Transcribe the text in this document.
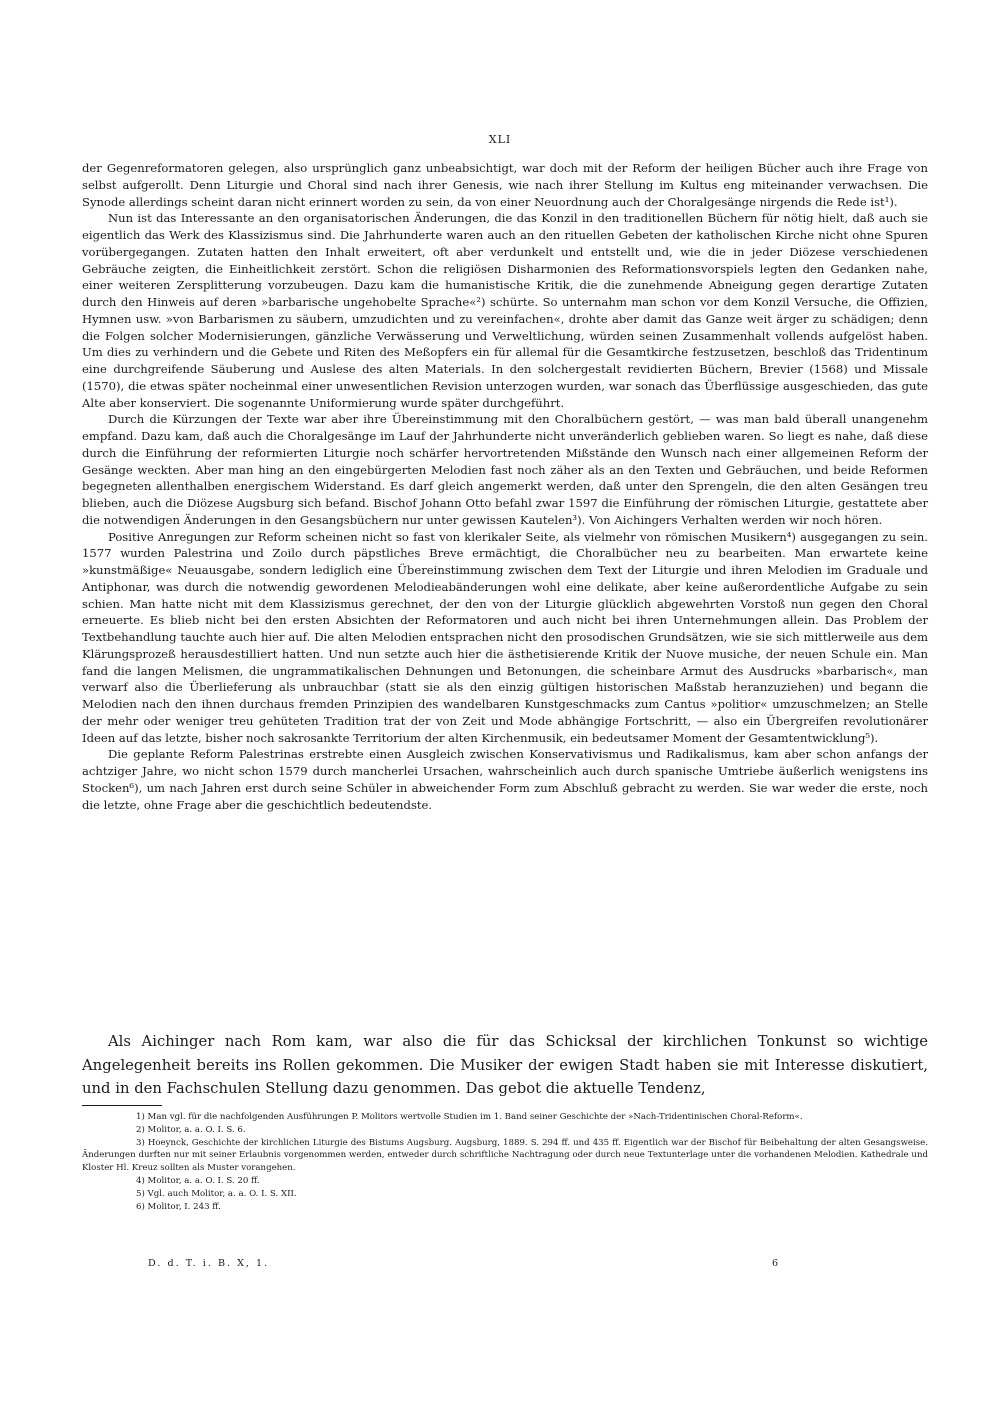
XLI

der Gegenreformatoren gelegen, also ursprünglich ganz unbeabsichtigt, war doch mit der Reform der heiligen Bücher auch ihre Frage von selbst aufgerollt. Denn Liturgie und Choral sind nach ihrer Genesis, wie nach ihrer Stellung im Kultus eng miteinander verwachsen. Die Synode allerdings scheint daran nicht erinnert worden zu sein, da von einer Neuordnung auch der Choralgesänge nirgends die Rede ist¹).

Nun ist das Interessante an den organisatorischen Änderungen, die das Konzil in den traditionellen Büchern für nötig hielt, daß auch sie eigentlich das Werk des Klassizismus sind. Die Jahrhunderte waren auch an den rituellen Gebeten der katholischen Kirche nicht ohne Spuren vorübergegangen. Zutaten hatten den Inhalt erweitert, oft aber verdunkelt und entstellt und, wie die in jeder Diözese verschiedenen Gebräuche zeigten, die Einheitlichkeit zerstört. Schon die religiösen Disharmonien des Reformationsvorspiels legten den Gedanken nahe, einer weiteren Zersplitterung vorzubeugen. Dazu kam die humanistische Kritik, die die zunehmende Abneigung gegen derartige Zutaten durch den Hinweis auf deren »barbarische ungehobelte Sprache«²) schürte. So unternahm man schon vor dem Konzil Versuche, die Offizien, Hymnen usw. »von Barbarismen zu säubern, umzudichten und zu vereinfachen«, drohte aber damit das Ganze weit ärger zu schädigen; denn die Folgen solcher Modernisierungen, gänzliche Verwässerung und Verweltlichung, würden seinen Zusammenhalt vollends aufgelöst haben. Um dies zu verhindern und die Gebete und Riten des Meßopfers ein für allemal für die Gesamtkirche festzusetzen, beschloß das Tridentinum eine durchgreifende Säuberung und Auslese des alten Materials. In den solchergestalt revidierten Büchern, Brevier (1568) und Missale (1570), die etwas später nocheinmal einer unwesentlichen Revision unterzogen wurden, war sonach das Überflüssige ausgeschieden, das gute Alte aber konserviert. Die sogenannte Uniformierung wurde später durchgeführt.

Durch die Kürzungen der Texte war aber ihre Übereinstimmung mit den Choralbüchern gestört, — was man bald überall unangenehm empfand. Dazu kam, daß auch die Choralgesänge im Lauf der Jahrhunderte nicht unveränderlich geblieben waren. So liegt es nahe, daß diese durch die Einführung der reformierten Liturgie noch schärfer hervortretenden Mißstände den Wunsch nach einer allgemeinen Reform der Gesänge weckten. Aber man hing an den eingebürgerten Melodien fast noch zäher als an den Texten und Gebräuchen, und beide Reformen begegneten allenthalben energischem Widerstand. Es darf gleich angemerkt werden, daß unter den Sprengeln, die den alten Gesängen treu blieben, auch die Diözese Augsburg sich befand. Bischof Johann Otto befahl zwar 1597 die Einführung der römischen Liturgie, gestattete aber die notwendigen Änderungen in den Gesangsbüchern nur unter gewissen Kautelen³). Von Aichingers Verhalten werden wir noch hören.

Positive Anregungen zur Reform scheinen nicht so fast von klerikaler Seite, als vielmehr von römischen Musikern⁴) ausgegangen zu sein. 1577 wurden Palestrina und Zoilo durch päpstliches Breve ermächtigt, die Choralbücher neu zu bearbeiten. Man erwartete keine »kunstmäßige« Neuausgabe, sondern lediglich eine Übereinstimmung zwischen dem Text der Liturgie und ihren Melodien im Graduale und Antiphonar, was durch die notwendig gewordenen Melodieabänderungen wohl eine delikate, aber keine außerordentliche Aufgabe zu sein schien. Man hatte nicht mit dem Klassizismus gerechnet, der den von der Liturgie glücklich abgewehrten Vorstoß nun gegen den Choral erneuerte. Es blieb nicht bei den ersten Absichten der Reformatoren und auch nicht bei ihren Unternehmungen allein. Das Problem der Textbehandlung tauchte auch hier auf. Die alten Melodien entsprachen nicht den prosodischen Grundsätzen, wie sie sich mittlerweile aus dem Klärungsprozeß herausdestilliert hatten. Und nun setzte auch hier die ästhetisierende Kritik der Nuove musiche, der neuen Schule ein. Man fand die langen Melismen, die ungrammatikalischen Dehnungen und Betonungen, die scheinbare Armut des Ausdrucks »barbarisch«, man verwarf also die Überlieferung als unbrauchbar (statt sie als den einzig gültigen historischen Maßstab heranzuziehen) und begann die Melodien nach den ihnen durchaus fremden Prinzipien des wandelbaren Kunstgeschmacks zum Cantus »politior« umzuschmelzen; an Stelle der mehr oder weniger treu gehüteten Tradition trat der von Zeit und Mode abhängige Fortschritt, — also ein Übergreifen revolutionärer Ideen auf das letzte, bisher noch sakrosankte Territorium der alten Kirchenmusik, ein bedeutsamer Moment der Gesamtentwicklung⁵).

Die geplante Reform Palestrinas erstrebte einen Ausgleich zwischen Konservativismus und Radikalismus, kam aber schon anfangs der achtziger Jahre, wo nicht schon 1579 durch mancherlei Ursachen, wahrscheinlich auch durch spanische Umtriebe äußerlich wenigstens ins Stocken⁶), um nach Jahren erst durch seine Schüler in abweichender Form zum Abschluß gebracht zu werden. Sie war weder die erste, noch die letzte, ohne Frage aber die geschichtlich bedeutendste.

Als Aichinger nach Rom kam, war also die für das Schicksal der kirchlichen Tonkunst so wichtige Angelegenheit bereits ins Rollen gekommen. Die Musiker der ewigen Stadt haben sie mit Interesse diskutiert, und in den Fachschulen Stellung dazu genommen. Das gebot die aktuelle Tendenz,
1) Man vgl. für die nachfolgenden Ausführungen P. Molitors wertvolle Studien im 1. Band seiner Geschichte der »Nach-Tridentinischen Choral-Reform«.
2) Molitor, a. a. O. I. S. 6.
3) Hoeynck, Geschichte der kirchlichen Liturgie des Bistums Augsburg. Augsburg, 1889. S. 294 ff. und 435 ff. Eigentlich war der Bischof für Beibehaltung der alten Gesangsweise. Änderungen durften nur mit seiner Erlaubnis vorgenommen werden, entweder durch schriftliche Nachtragung oder durch neue Textunterlage unter die vorhandenen Melodien. Kathedrale und Kloster Hl. Kreuz sollten als Muster vorangehen.
4) Molitor, a. a. O. I. S. 20 ff.
5) Vgl. auch Molitor, a. a. O. I. S. XII.
6) Molitor, I. 243 ff.
D. d. T. i. B. X, 1.	6
